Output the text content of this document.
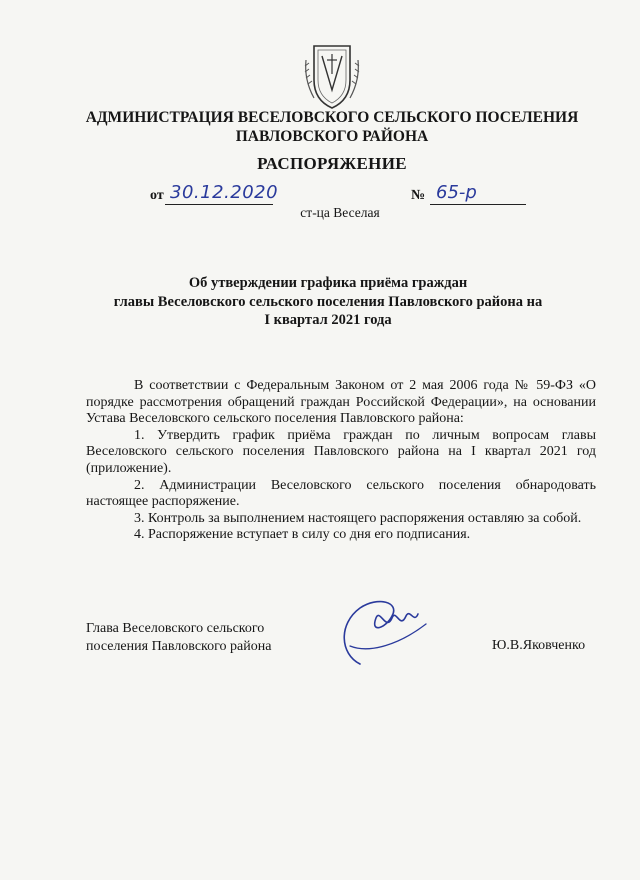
АДМИНИСТРАЦИЯ ВЕСЕЛОВСКОГО СЕЛЬСКОГО ПОСЕЛЕНИЯ
ПАВЛОВСКОГО РАЙОНА
РАСПОРЯЖЕНИЕ
от 30.12.2020	№ 65-р
ст-ца Веселая
Об утверждении графика приёма граждан
главы Веселовского сельского поселения Павловского района на
I квартал 2021 года

В соответствии с Федеральным Законом от 2 мая 2006 года № 59-ФЗ «О порядке рассмотрения обращений граждан Российской Федерации», на основании Устава Веселовского сельского поселения Павловского района:

1. Утвердить график приёма граждан по личным вопросам главы Веселовского сельского поселения Павловского района на I квартал 2021 год (приложение).

2. Администрации Веселовского сельского поселения обнародовать настоящее распоряжение.

3. Контроль за выполнением настоящего распоряжения оставляю за собой.

4. Распоряжение вступает в силу со дня его подписания.

Глава Веселовского сельского
поселения Павловского района	Ю.В.Яковченко
